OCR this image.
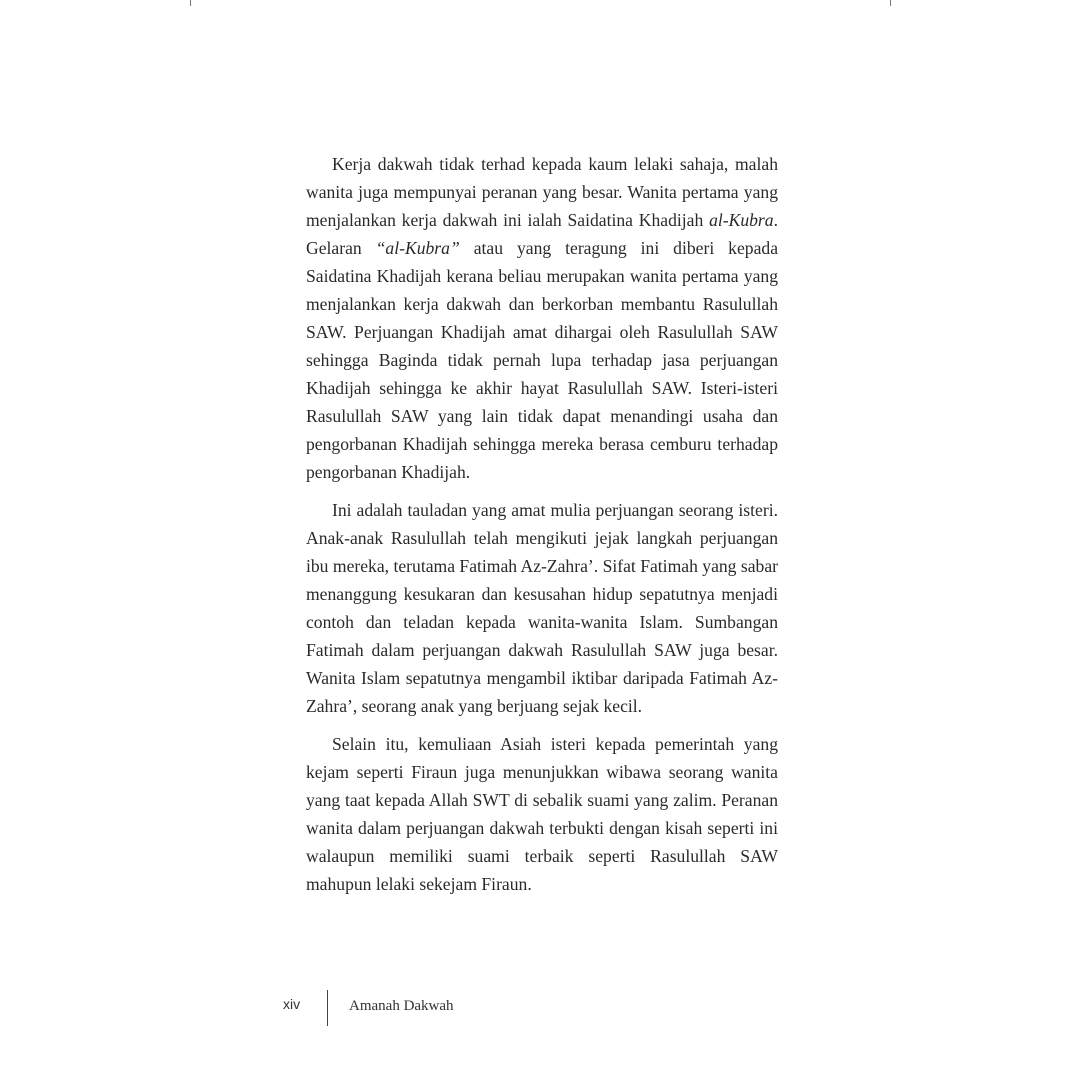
Kerja dakwah tidak terhad kepada kaum lelaki sahaja, malah wanita juga mempunyai peranan yang besar. Wanita pertama yang menjalankan kerja dakwah ini ialah Saidatina Khadijah al-Kubra. Gelaran “al-Kubra” atau yang teragung ini diberi kepada Saidatina Khadijah kerana beliau merupakan wanita pertama yang menjalankan kerja dakwah dan berkorban membantu Rasulullah SAW. Perjuangan Khadijah amat dihargai oleh Rasulullah SAW sehingga Baginda tidak pernah lupa terhadap jasa perjuangan Khadijah sehingga ke akhir hayat Rasulullah SAW. Isteri-isteri Rasulullah SAW yang lain tidak dapat menandingi usaha dan pengorbanan Khadijah sehingga mereka berasa cemburu terhadap pengorbanan Khadijah.

Ini adalah tauladan yang amat mulia perjuangan seorang isteri. Anak-anak Rasulullah telah mengikuti jejak langkah perjuangan ibu mereka, terutama Fatimah Az-Zahra’. Sifat Fatimah yang sabar menanggung kesukaran dan kesusahan hidup sepatutnya menjadi contoh dan teladan kepada wanita-wanita Islam. Sumbangan Fatimah dalam perjuangan dakwah Rasulullah SAW juga besar. Wanita Islam sepatutnya mengambil iktibar daripada Fatimah Az-Zahra’, seorang anak yang berjuang sejak kecil.

Selain itu, kemuliaan Asiah isteri kepada pemerintah yang kejam seperti Firaun juga menunjukkan wibawa seorang wanita yang taat kepada Allah SWT di sebalik suami yang zalim. Peranan wanita dalam perjuangan dakwah terbukti dengan kisah seperti ini walaupun memiliki suami terbaik seperti Rasulullah SAW mahupun lelaki sekejam Firaun.

xiv	Amanah Dakwah
